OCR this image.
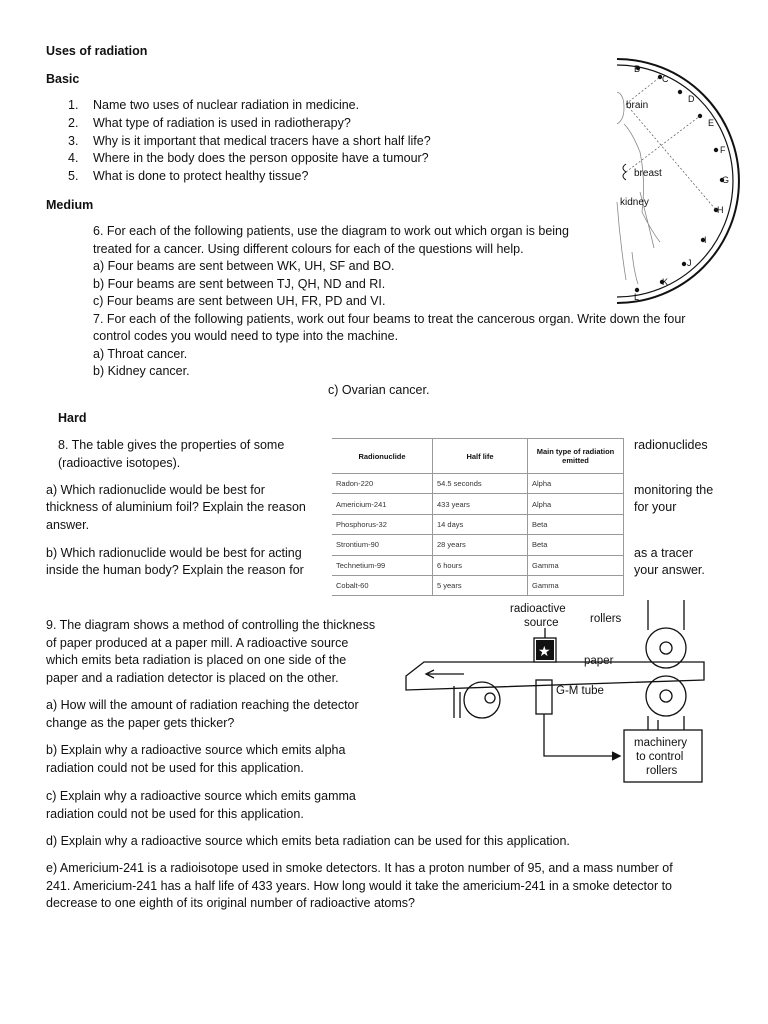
Uses of radiation
Basic
1.	Name two uses of nuclear radiation in medicine.
2.	What type of radiation is used in radiotherapy?
3.	Why is it important that medical tracers have a short half life?
4.	Where in the body does the person opposite have a tumour?
5.	What is done to protect healthy tissue?
Medium
6. For each of the following patients, use the diagram to work out which organ is being
treated for a cancer. Using different colours for each of the questions will help.
a) Four beams are sent between WK, UH, SF and BO.
b) Four beams are sent between TJ, QH, ND and RI.
c) Four beams are sent between UH, FR, PD and VI.
7. For each of the following patients, work out four beams to treat the cancerous organ. Write down the four
control codes you would need to type into the machine.
a) Throat cancer.
b) Kidney cancer.
c) Ovarian cancer.
B
C
D
E
F
G
H
I
J
K
L
brain
breast
kidney
Hard
8. The table gives the properties of some
(radioactive isotopes).
radionuclides
a) Which radionuclide would be best for
thickness of aluminium foil? Explain the reason
answer.
monitoring the
for your
b) Which radionuclide would be best for acting
inside the human body? Explain the reason for
as a tracer
your answer.
Radionuclide	Half life	Main type of radiation emitted
Radon-220	54.5 seconds	Alpha
Americium-241	433 years	Alpha
Phosphorus-32	14 days	Beta
Strontium-90	28 years	Beta
Technetium-99	6 hours	Gamma
Cobalt-60	5 years	Gamma
9. The diagram shows a method of controlling the thickness
of paper produced at a paper mill. A radioactive source
which emits beta radiation is placed on one side of the
paper and a radiation detector is placed on the other.
a) How will the amount of radiation reaching the detector
change as the paper gets thicker?
b) Explain why a radioactive source which emits alpha
radiation could not be used for this application.
c) Explain why a radioactive source which emits gamma
radiation could not be used for this application.
d) Explain why a radioactive source which emits beta radiation can be used for this application.
e) Americium-241 is a radioisotope used in smoke detectors. It has a proton number of 95, and a mass number of
241. Americium-241 has a half life of 433 years. How long would it take the americium-241 in a smoke detector to
decrease to one eighth of its original number of radioactive atoms?
★
radioactive
source	rollers
paper
G-M tube
machinery
to control
rollers
